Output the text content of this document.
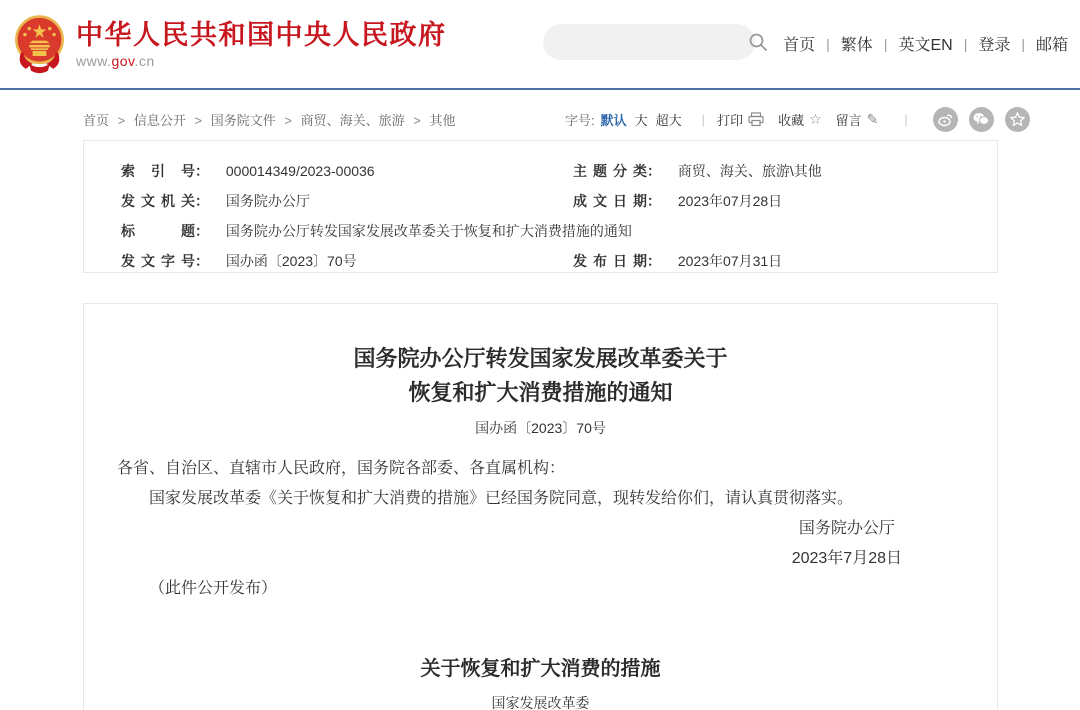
中华人民共和国中央人民政府
www.gov.cn
首页 | 繁体 | 英文EN | 登录 | 邮箱
首页 > 信息公开 > 国务院文件 > 商贸、海关、旅游 > 其他	字号: 默认 大 超大 | 打印	收藏 ☆ 留言 ✎ |
索引号： 000014349/2023-00036	主题分类： 商贸、海关、旅游\其他
发文机关： 国务院办公厅	成文日期： 2023年07月28日
标题： 国务院办公厅转发国家发展改革委关于恢复和扩大消费措施的通知
发文字号： 国办函〔2023〕70号	发布日期： 2023年07月31日
国务院办公厅转发国家发展改革委关于
恢复和扩大消费措施的通知
国办函〔2023〕70号

各省、自治区、直辖市人民政府，国务院各部委、各直属机构：

国家发展改革委《关于恢复和扩大消费的措施》已经国务院同意，现转发给你们，请认真贯彻落实。

国务院办公厅
2023年7月28日

（此件公开发布）

关于恢复和扩大消费的措施
国家发展改革委
